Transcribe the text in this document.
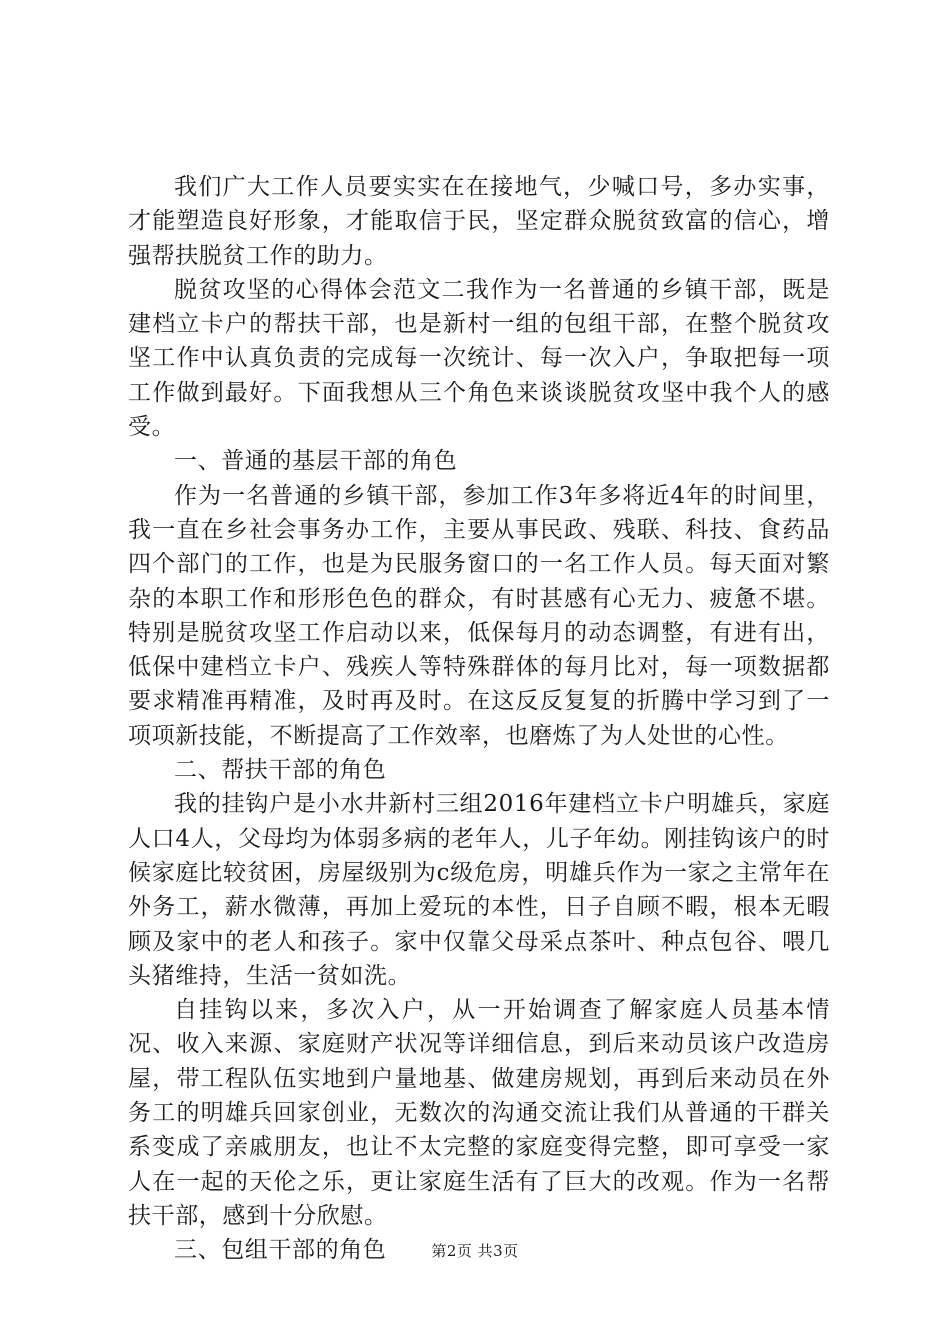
我们广大工作人员要实实在在接地气，少喊口号，多办实事，才能塑造良好形象，才能取信于民，坚定群众脱贫致富的信心，增强帮扶脱贫工作的助力。

脱贫攻坚的心得体会范文二我作为一名普通的乡镇干部，既是建档立卡户的帮扶干部，也是新村一组的包组干部，在整个脱贫攻坚工作中认真负责的完成每一次统计、每一次入户，争取把每一项工作做到最好。下面我想从三个角色来谈谈脱贫攻坚中我个人的感受。

一、普通的基层干部的角色

作为一名普通的乡镇干部，参加工作3年多将近4年的时间里，我一直在乡社会事务办工作，主要从事民政、残联、科技、食药品四个部门的工作，也是为民服务窗口的一名工作人员。每天面对繁杂的本职工作和形形色色的群众，有时甚感有心无力、疲惫不堪。特别是脱贫攻坚工作启动以来，低保每月的动态调整，有进有出，低保中建档立卡户、残疾人等特殊群体的每月比对，每一项数据都要求精准再精准，及时再及时。在这反反复复的折腾中学习到了一项项新技能，不断提高了工作效率，也磨炼了为人处世的心性。

二、帮扶干部的角色

我的挂钩户是小水井新村三组2016年建档立卡户明雄兵，家庭人口4人，父母均为体弱多病的老年人，儿子年幼。刚挂钩该户的时候家庭比较贫困，房屋级别为c级危房，明雄兵作为一家之主常年在外务工，薪水微薄，再加上爱玩的本性，日子自顾不暇，根本无暇顾及家中的老人和孩子。家中仅靠父母采点茶叶、种点包谷、喂几头猪维持，生活一贫如洗。

自挂钩以来，多次入户，从一开始调查了解家庭人员基本情况、收入来源、家庭财产状况等详细信息，到后来动员该户改造房屋，带工程队伍实地到户量地基、做建房规划，再到后来动员在外务工的明雄兵回家创业，无数次的沟通交流让我们从普通的干群关系变成了亲戚朋友，也让不太完整的家庭变得完整，即可享受一家人在一起的天伦之乐，更让家庭生活有了巨大的改观。作为一名帮扶干部，感到十分欣慰。

三、包组干部的角色	第2页 共3页
